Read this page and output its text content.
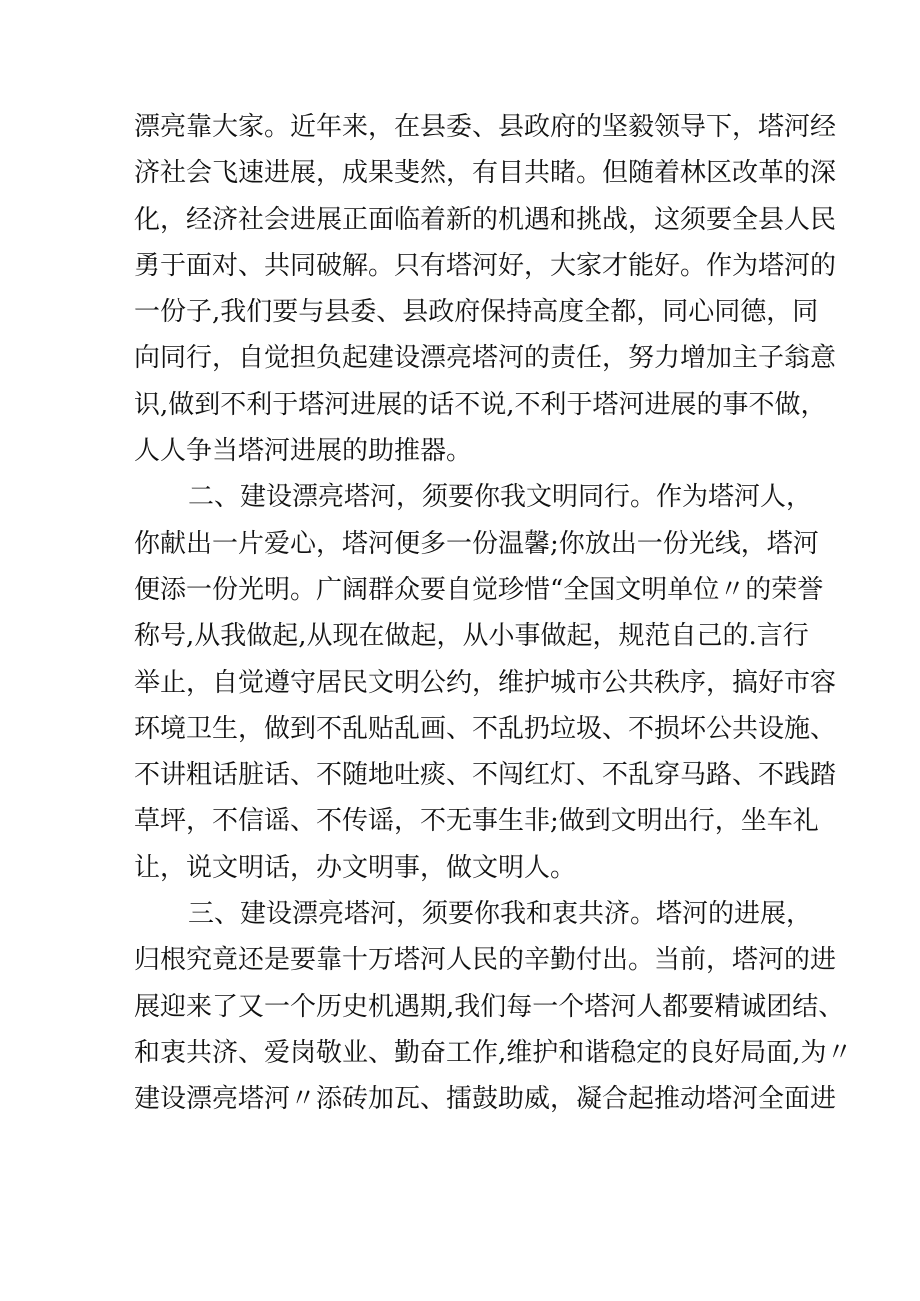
漂亮靠大家。近年来，在县委、县政府的坚毅领导下，塔河经
济社会飞速进展，成果斐然，有目共睹。但随着林区改革的深
化，经济社会进展正面临着新的机遇和挑战，这须要全县人民
勇于面对、共同破解。只有塔河好，大家才能好。作为塔河的
一份子,我们要与县委、县政府保持高度全都，同心同德，同
向同行，自觉担负起建设漂亮塔河的责任，努力增加主子翁意
识,做到不利于塔河进展的话不说,不利于塔河进展的事不做，
人人争当塔河进展的助推器。
二、建设漂亮塔河，须要你我文明同行。作为塔河人，
你献出一片爱心，塔河便多一份温馨;你放出一份光线，塔河
便添一份光明。广阔群众要自觉珍惜“全国文明单位〃的荣誉
称号,从我做起,从现在做起，从小事做起，规范自己的.言行
举止，自觉遵守居民文明公约，维护城市公共秩序，搞好市容
环境卫生，做到不乱贴乱画、不乱扔垃圾、不损坏公共设施、
不讲粗话脏话、不随地吐痰、不闯红灯、不乱穿马路、不践踏
草坪，不信谣、不传谣，不无事生非;做到文明出行，坐车礼
让，说文明话，办文明事，做文明人。
三、建设漂亮塔河，须要你我和衷共济。塔河的进展，
归根究竟还是要靠十万塔河人民的辛勤付出。当前，塔河的进
展迎来了又一个历史机遇期,我们每一个塔河人都要精诚团结、
和衷共济、爱岗敬业、勤奋工作,维护和谐稳定的良好局面,为〃
建设漂亮塔河〃添砖加瓦、擂鼓助威，凝合起推动塔河全面进
